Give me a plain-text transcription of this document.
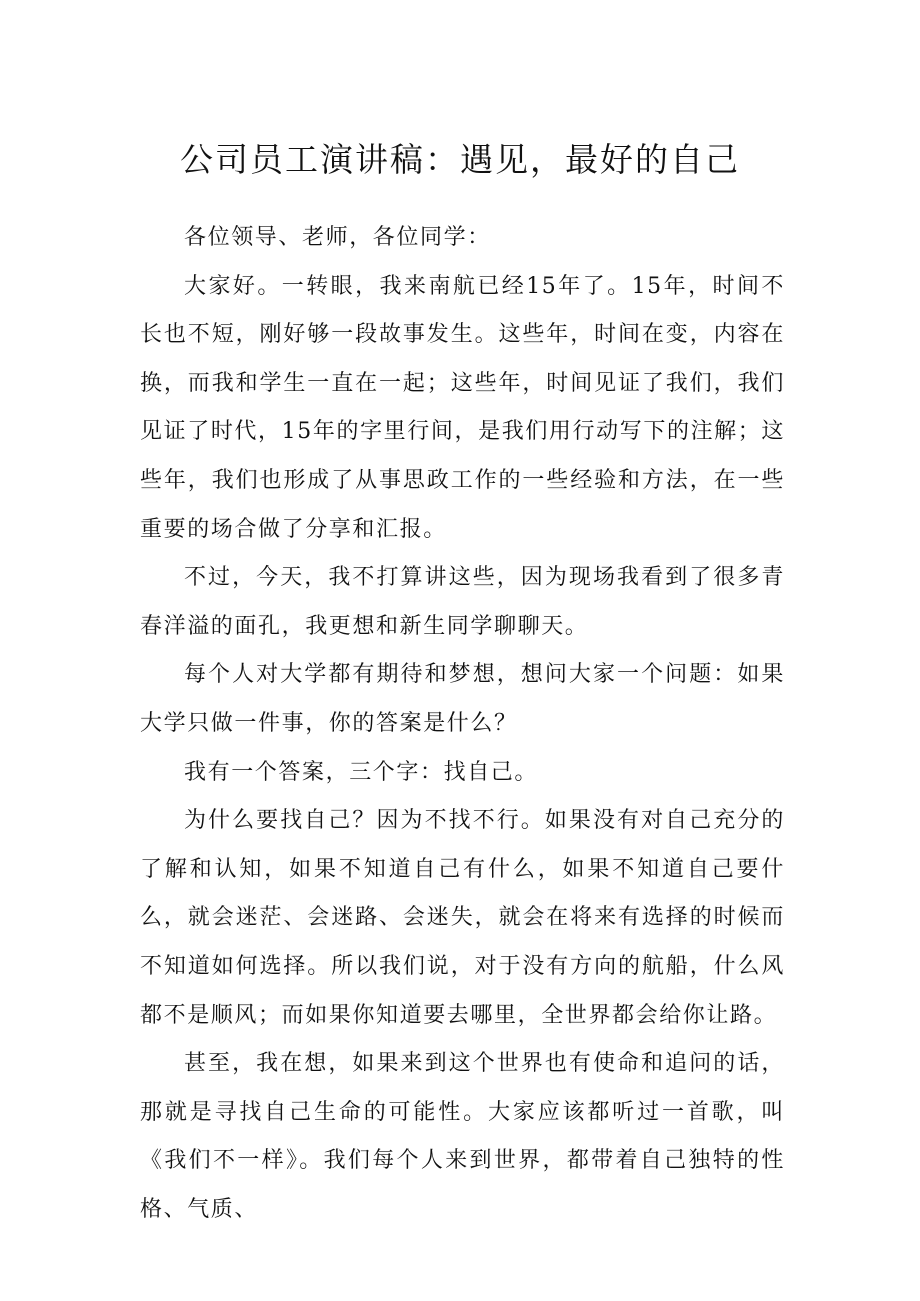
公司员工演讲稿：遇见，最好的自己

各位领导、老师，各位同学：

大家好。一转眼，我来南航已经15年了。15年，时间不长也不短，刚好够一段故事发生。这些年，时间在变，内容在换，而我和学生一直在一起；这些年，时间见证了我们，我们见证了时代，15年的字里行间，是我们用行动写下的注解；这些年，我们也形成了从事思政工作的一些经验和方法，在一些重要的场合做了分享和汇报。

不过，今天，我不打算讲这些，因为现场我看到了很多青春洋溢的面孔，我更想和新生同学聊聊天。

每个人对大学都有期待和梦想，想问大家一个问题：如果大学只做一件事，你的答案是什么？

我有一个答案，三个字：找自己。

为什么要找自己？因为不找不行。如果没有对自己充分的了解和认知，如果不知道自己有什么，如果不知道自己要什么，就会迷茫、会迷路、会迷失，就会在将来有选择的时候而不知道如何选择。所以我们说，对于没有方向的航船，什么风都不是顺风；而如果你知道要去哪里，全世界都会给你让路。

甚至，我在想，如果来到这个世界也有使命和追问的话，那就是寻找自己生命的可能性。大家应该都听过一首歌，叫《我们不一样》。我们每个人来到世界，都带着自己独特的性格、气质、
